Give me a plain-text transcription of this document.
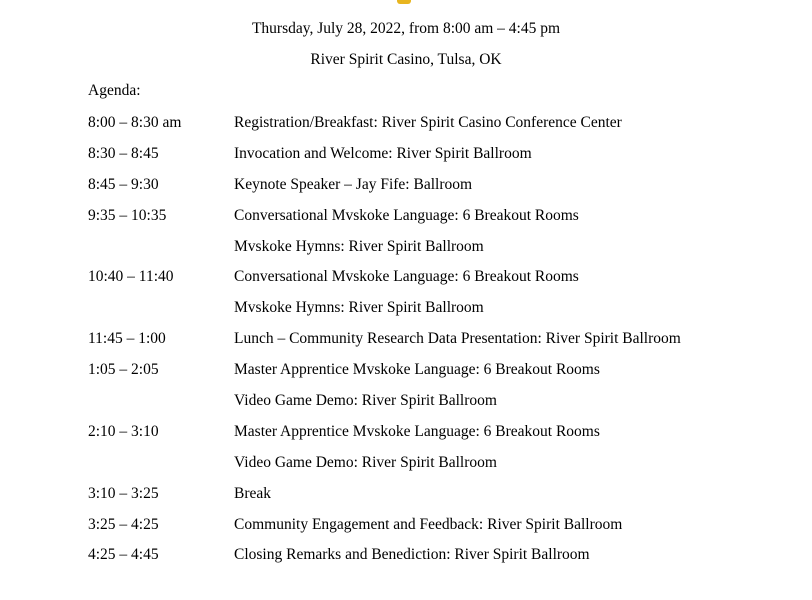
Thursday, July 28, 2022, from 8:00 am – 4:45 pm
River Spirit Casino, Tulsa, OK
Agenda:
8:00 – 8:30 am	Registration/Breakfast: River Spirit Casino Conference Center
8:30 – 8:45	Invocation and Welcome: River Spirit Ballroom
8:45 – 9:30	Keynote Speaker – Jay Fife: Ballroom
9:35 – 10:35	Conversational Mvskoke Language: 6 Breakout Rooms
Mvskoke Hymns: River Spirit Ballroom
10:40 – 11:40	Conversational Mvskoke Language: 6 Breakout Rooms
Mvskoke Hymns: River Spirit Ballroom
11:45 – 1:00	Lunch – Community Research Data Presentation: River Spirit Ballroom
1:05 – 2:05	Master Apprentice Mvskoke Language: 6 Breakout Rooms
Video Game Demo: River Spirit Ballroom
2:10 – 3:10	Master Apprentice Mvskoke Language: 6 Breakout Rooms
Video Game Demo: River Spirit Ballroom
3:10 – 3:25	Break
3:25 – 4:25	Community Engagement and Feedback: River Spirit Ballroom
4:25 – 4:45	Closing Remarks and Benediction: River Spirit Ballroom
